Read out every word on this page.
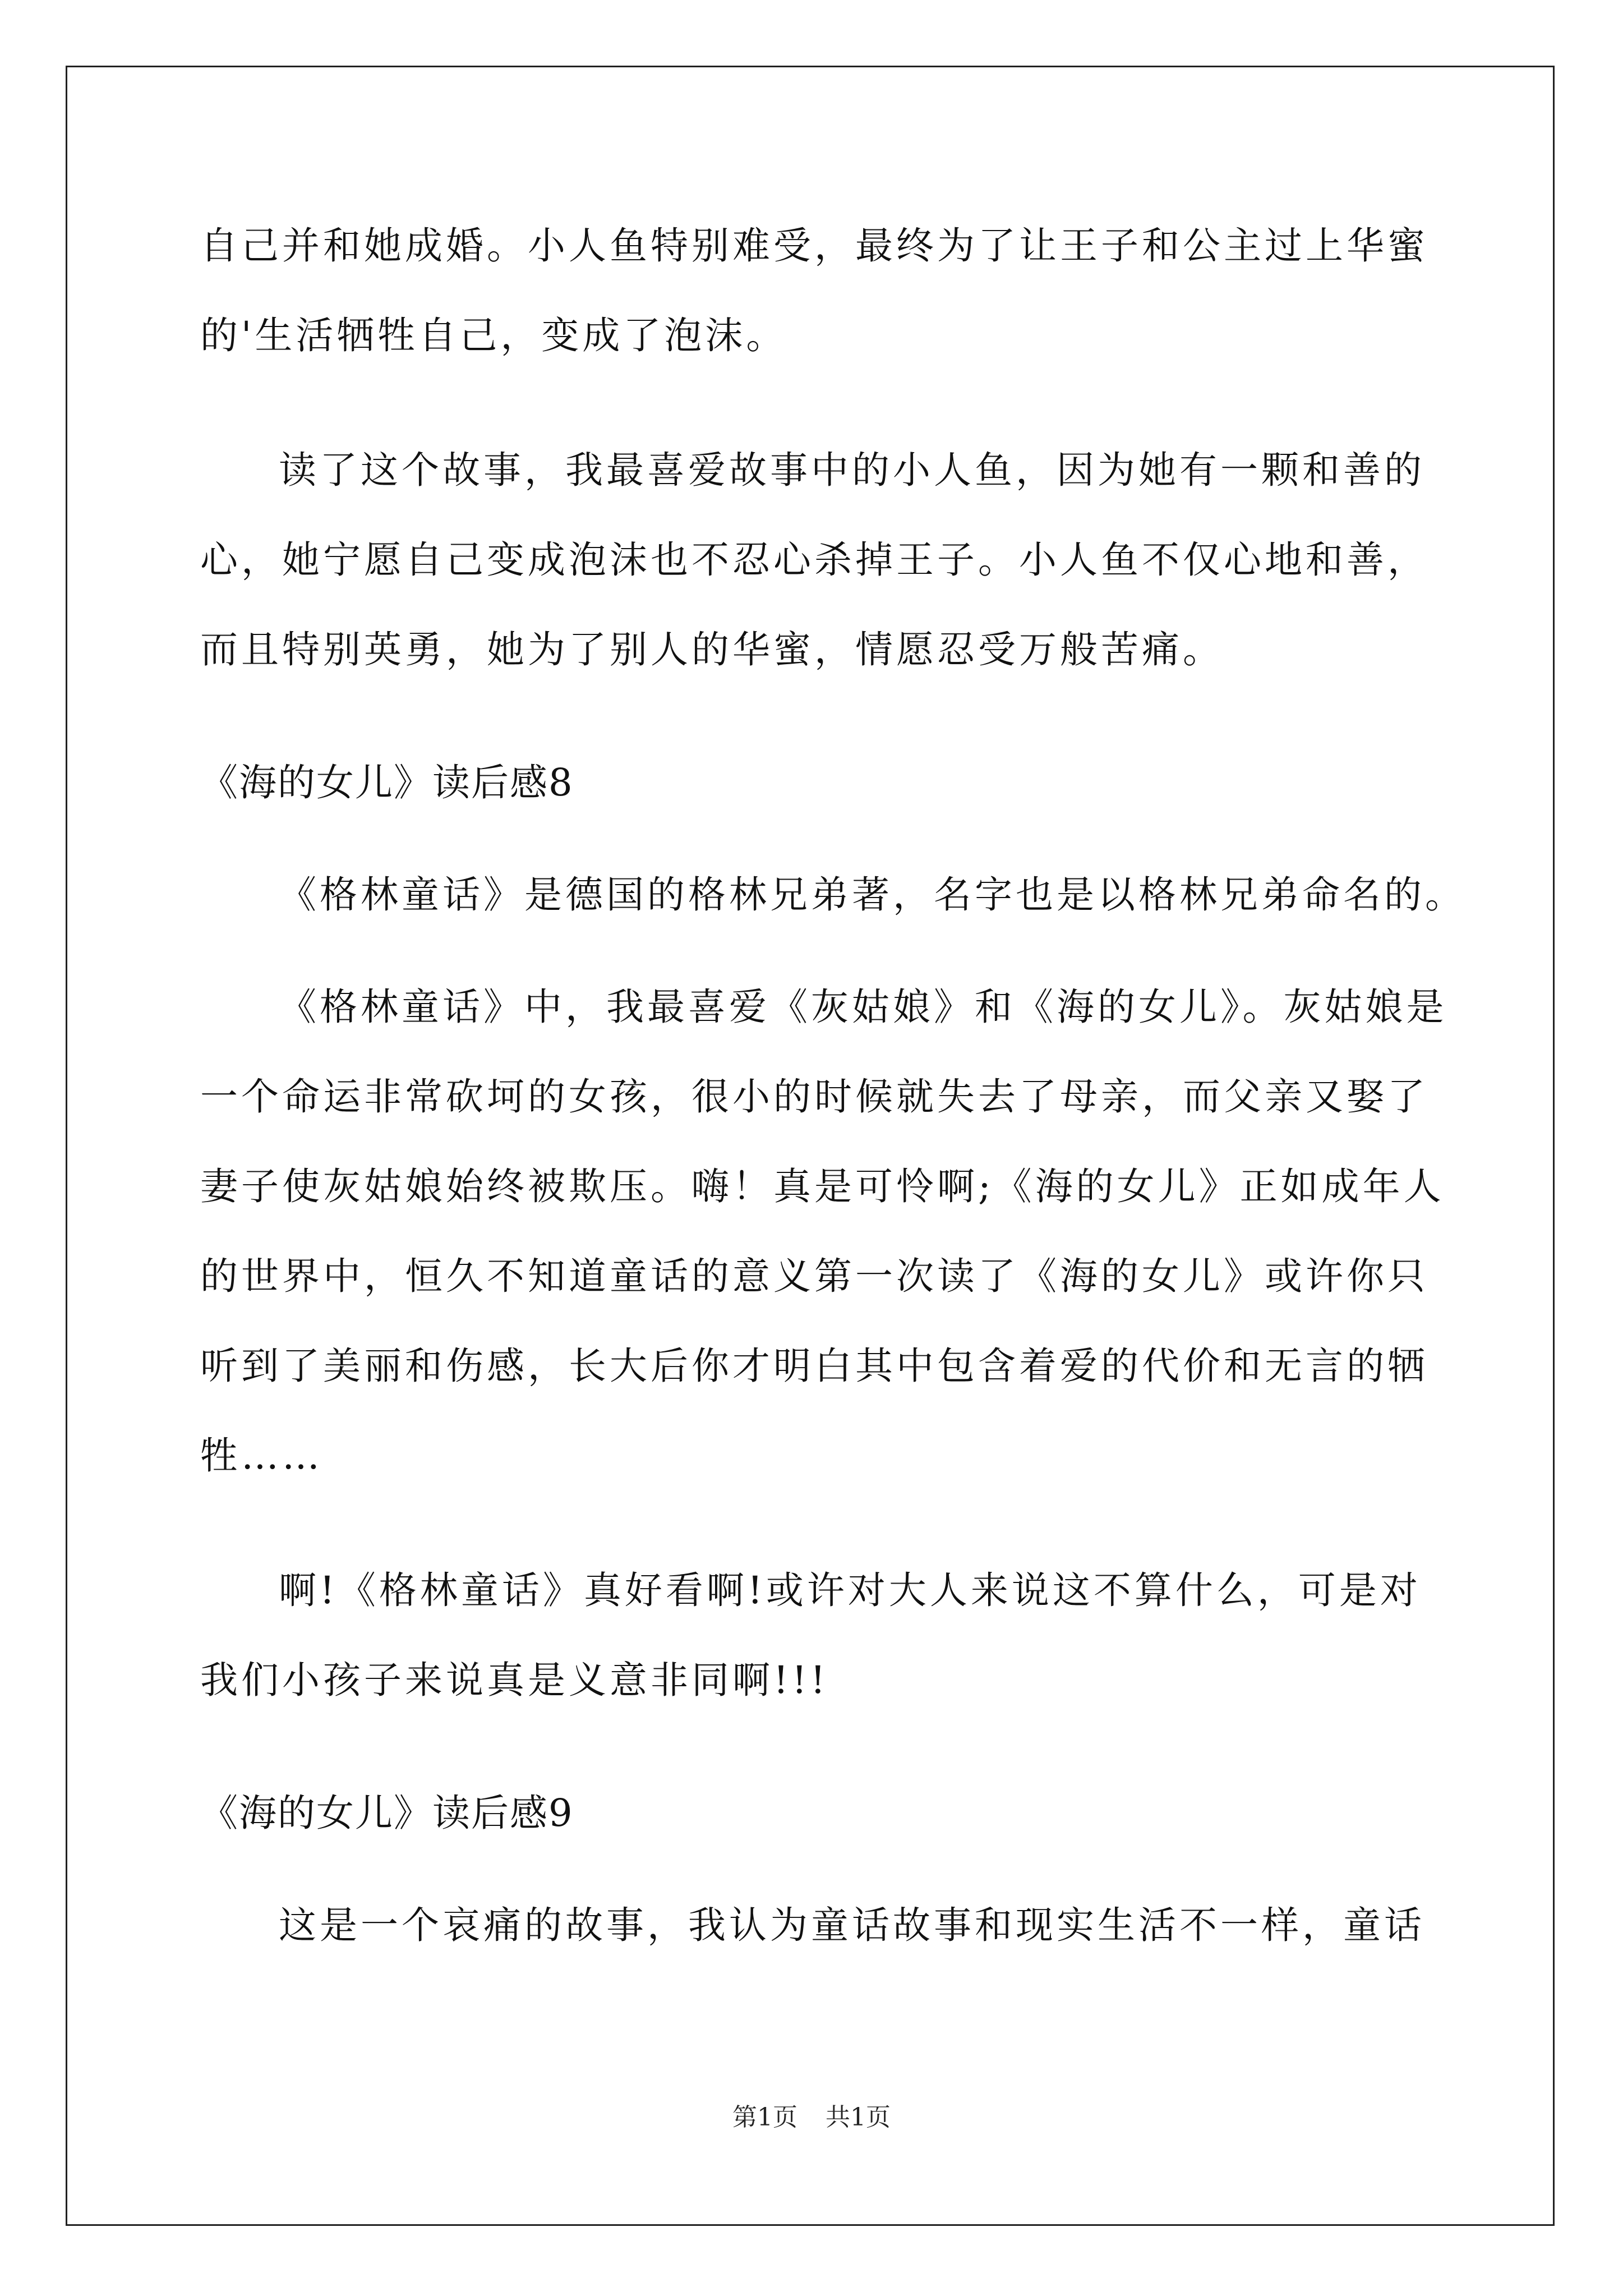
自己并和她成婚。小人鱼特别难受，最终为了让王子和公主过上华蜜
的'生活牺牲自己，变成了泡沫。
读了这个故事，我最喜爱故事中的小人鱼，因为她有一颗和善的
心，她宁愿自己变成泡沫也不忍心杀掉王子。小人鱼不仅心地和善，
而且特别英勇，她为了别人的华蜜，情愿忍受万般苦痛。
《海的女儿》读后感8
《格林童话》是德国的格林兄弟著，名字也是以格林兄弟命名的。
《格林童话》中，我最喜爱《灰姑娘》和《海的女儿》。灰姑娘是
一个命运非常砍坷的女孩，很小的时候就失去了母亲，而父亲又娶了
妻子使灰姑娘始终被欺压。嗨！真是可怜啊;《海的女儿》正如成年人
的世界中，恒久不知道童话的意义第一次读了《海的女儿》或许你只
听到了美丽和伤感，长大后你才明白其中包含着爱的代价和无言的牺
牲……
啊!《格林童话》真好看啊!或许对大人来说这不算什么，可是对
我们小孩子来说真是义意非同啊!!!
《海的女儿》读后感9
这是一个哀痛的故事，我认为童话故事和现实生活不一样，童话
第1页 共1页
